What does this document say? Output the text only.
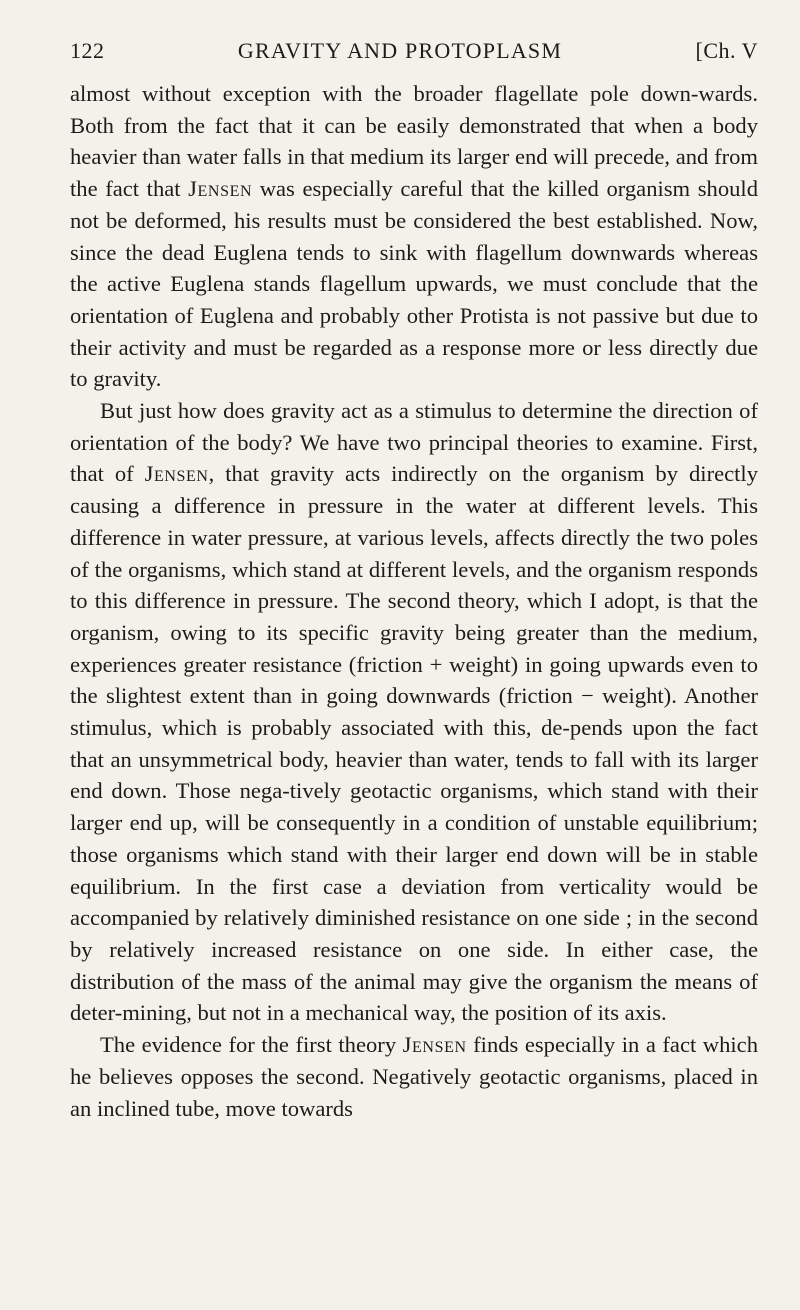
122	GRAVITY AND PROTOPLASM	[Ch. V

almost without exception with the broader flagellate pole down-wards. Both from the fact that it can be easily demonstrated that when a body heavier than water falls in that medium its larger end will precede, and from the fact that Jensen was especially careful that the killed organism should not be deformed, his results must be considered the best established. Now, since the dead Euglena tends to sink with flagellum downwards whereas the active Euglena stands flagellum upwards, we must conclude that the orientation of Euglena and probably other Protista is not passive but due to their activity and must be regarded as a response more or less directly due to gravity.

But just how does gravity act as a stimulus to determine the direction of orientation of the body? We have two principal theories to examine. First, that of Jensen, that gravity acts indirectly on the organism by directly causing a difference in pressure in the water at different levels. This difference in water pressure, at various levels, affects directly the two poles of the organisms, which stand at different levels, and the organism responds to this difference in pressure. The second theory, which I adopt, is that the organism, owing to its specific gravity being greater than the medium, experiences greater resistance (friction + weight) in going upwards even to the slightest extent than in going downwards (friction − weight). Another stimulus, which is probably associated with this, de-pends upon the fact that an unsymmetrical body, heavier than water, tends to fall with its larger end down. Those nega-tively geotactic organisms, which stand with their larger end up, will be consequently in a condition of unstable equilibrium; those organisms which stand with their larger end down will be in stable equilibrium. In the first case a deviation from verticality would be accompanied by relatively diminished resistance on one side ; in the second by relatively increased resistance on one side. In either case, the distribution of the mass of the animal may give the organism the means of deter-mining, but not in a mechanical way, the position of its axis.

The evidence for the first theory Jensen finds especially in a fact which he believes opposes the second. Negatively geotactic organisms, placed in an inclined tube, move towards
